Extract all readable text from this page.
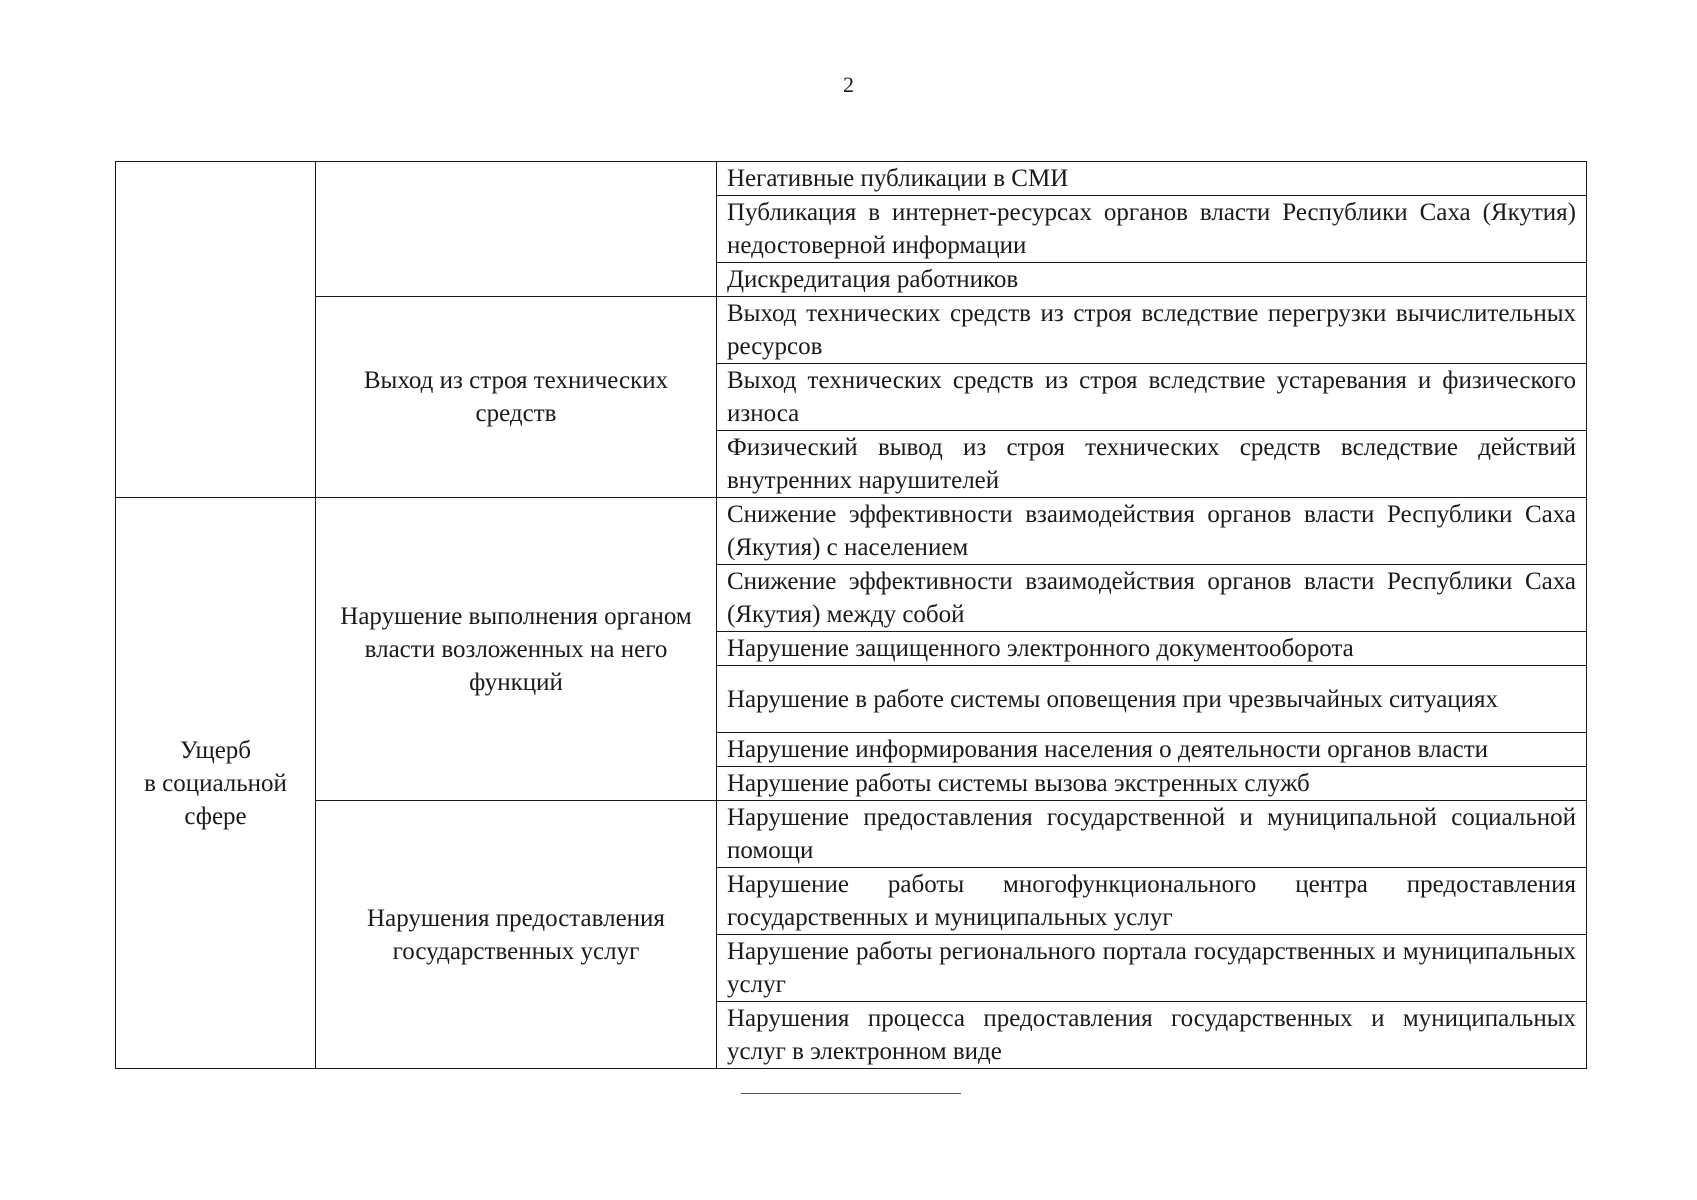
2
		Негативные публикации в СМИ
		Публикация в интернет-ресурсах органов власти Республики Саха (Якутия) недостоверной информации
		Дискредитация работников
	Выход из строя технических средств	Выход технических средств из строя вследствие перегрузки вычислительных ресурсов
		Выход технических средств из строя вследствие устаревания и физического износа
		Физический вывод из строя технических средств вследствие действий внутренних нарушителей
Ущерб
в социальной
сфере	Нарушение выполнения органом власти возложенных на него функций	Снижение эффективности взаимодействия органов власти Республики Саха (Якутия) с населением
		Снижение эффективности взаимодействия органов власти Республики Саха (Якутия) между собой
		Нарушение защищенного электронного документооборота
		Нарушение в работе системы оповещения при чрезвычайных ситуациях
		Нарушение информирования населения о деятельности органов власти
		Нарушение работы системы вызова экстренных служб
	Нарушения предоставления государственных услуг	Нарушение предоставления государственной и муниципальной социальной помощи
		Нарушение работы многофункционального центра предоставления государственных и муниципальных услуг
		Нарушение работы регионального портала государственных и муниципальных услуг
		Нарушения процесса предоставления государственных и муниципальных услуг в электронном виде
